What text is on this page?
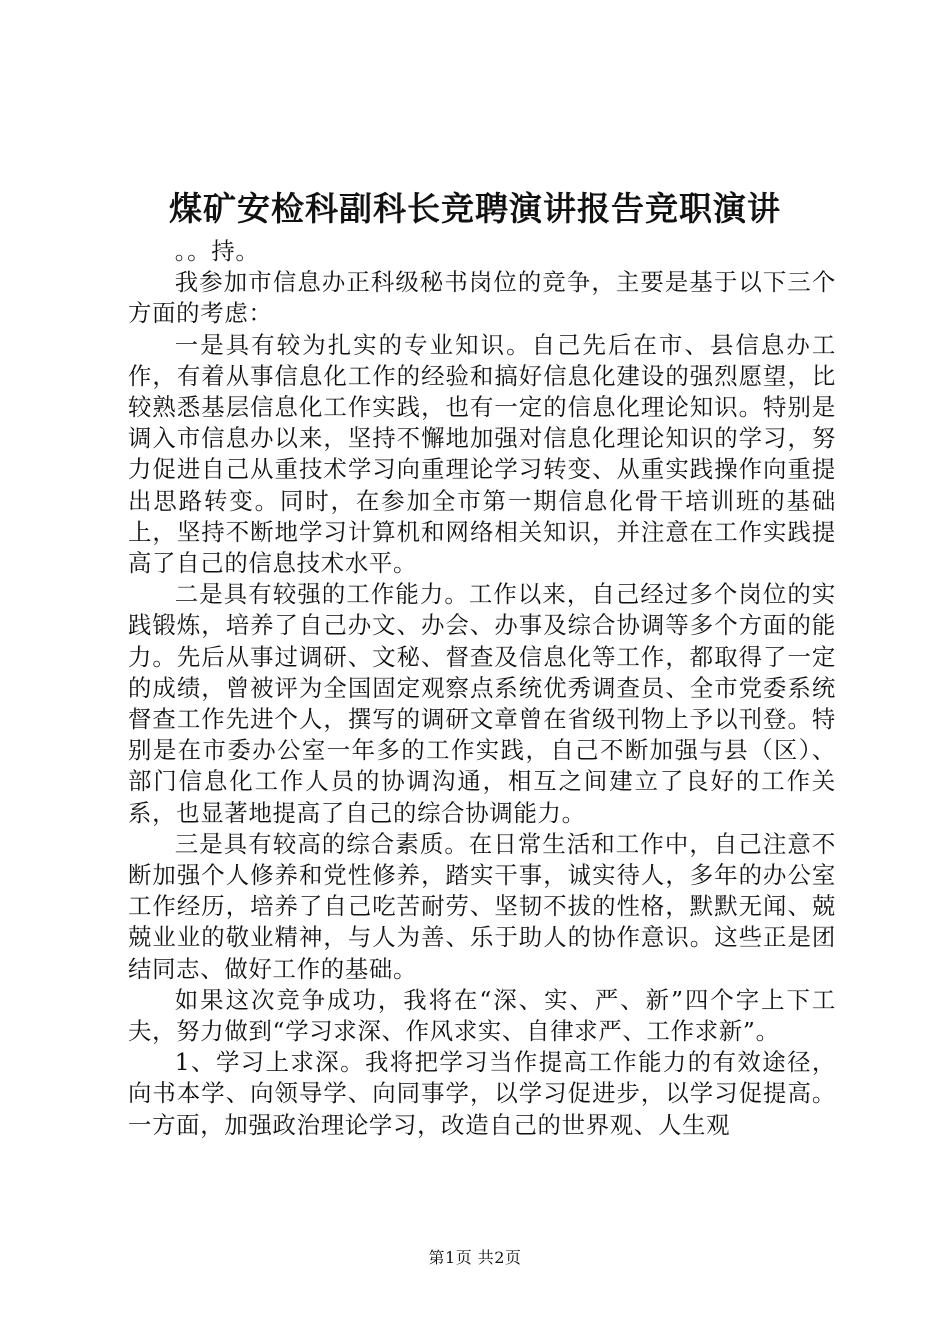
煤矿安检科副科长竞聘演讲报告竞职演讲

。。持。

我参加市信息办正科级秘书岗位的竞争，主要是基于以下三个方面的考虑：

一是具有较为扎实的专业知识。自己先后在市、县信息办工作，有着从事信息化工作的经验和搞好信息化建设的强烈愿望，比较熟悉基层信息化工作实践，也有一定的信息化理论知识。特别是调入市信息办以来，坚持不懈地加强对信息化理论知识的学习，努力促进自己从重技术学习向重理论学习转变、从重实践操作向重提出思路转变。同时，在参加全市第一期信息化骨干培训班的基础上，坚持不断地学习计算机和网络相关知识，并注意在工作实践提高了自己的信息技术水平。

二是具有较强的工作能力。工作以来，自己经过多个岗位的实践锻炼，培养了自己办文、办会、办事及综合协调等多个方面的能力。先后从事过调研、文秘、督查及信息化等工作，都取得了一定的成绩，曾被评为全国固定观察点系统优秀调查员、全市党委系统督查工作先进个人，撰写的调研文章曾在省级刊物上予以刊登。特别是在市委办公室一年多的工作实践，自己不断加强与县（区）、部门信息化工作人员的协调沟通，相互之间建立了良好的工作关系，也显著地提高了自己的综合协调能力。

三是具有较高的综合素质。在日常生活和工作中，自己注意不断加强个人修养和党性修养，踏实干事，诚实待人，多年的办公室工作经历，培养了自己吃苦耐劳、坚韧不拔的性格，默默无闻、兢兢业业的敬业精神，与人为善、乐于助人的协作意识。这些正是团结同志、做好工作的基础。

如果这次竞争成功，我将在“深、实、严、新”四个字上下工夫，努力做到“学习求深、作风求实、自律求严、工作求新”。

1、学习上求深。我将把学习当作提高工作能力的有效途径，向书本学、向领导学、向同事学，以学习促进步，以学习促提高。一方面，加强政治理论学习，改造自己的世界观、人生观

第1页 共2页
